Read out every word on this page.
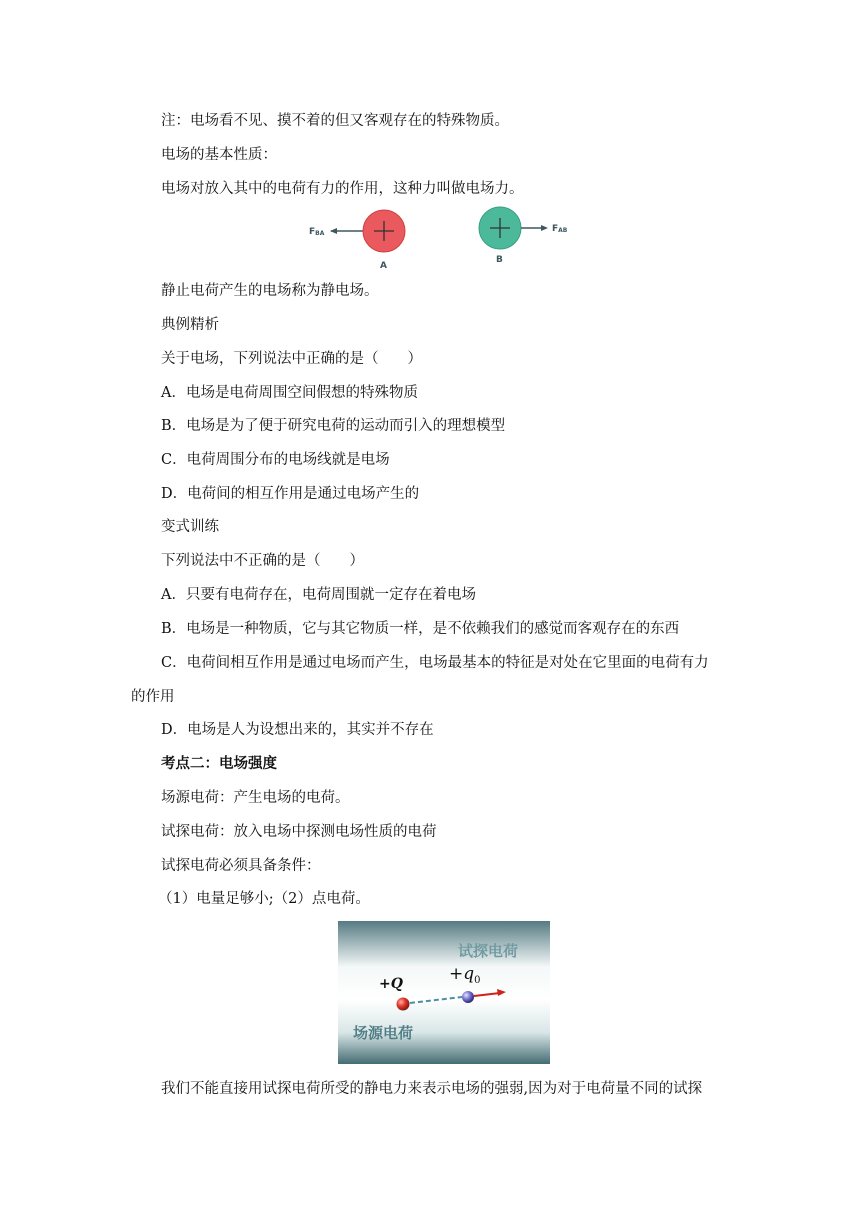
注：电场看不见、摸不着的但又客观存在的特殊物质。
电场的基本性质：
电场对放入其中的电荷有力的作用，这种力叫做电场力。
FBA
A
FAB
B
静止电荷产生的电场称为静电场。
典例精析
关于电场，下列说法中正确的是（　　）
A．电场是电荷周围空间假想的特殊物质
B．电场是为了便于研究电荷的运动而引入的理想模型
C．电荷周围分布的电场线就是电场
D．电荷间的相互作用是通过电场产生的
变式训练
下列说法中不正确的是（　　）
A．只要有电荷存在，电荷周围就一定存在着电场
B．电场是一种物质，它与其它物质一样，是不依赖我们的感觉而客观存在的东西
C．电荷间相互作用是通过电场而产生，电场最基本的特征是对处在它里面的电荷有力
的作用
D．电场是人为设想出来的，其实并不存在
考点二：电场强度
场源电荷：产生电场的电荷。
试探电荷：放入电场中探测电场性质的电荷
试探电荷必须具备条件：
（1）电量足够小;（2）点电荷。
试探电荷
场源电荷
+Q	$+q_0$
我们不能直接用试探电荷所受的静电力来表示电场的强弱,因为对于电荷量不同的试探
